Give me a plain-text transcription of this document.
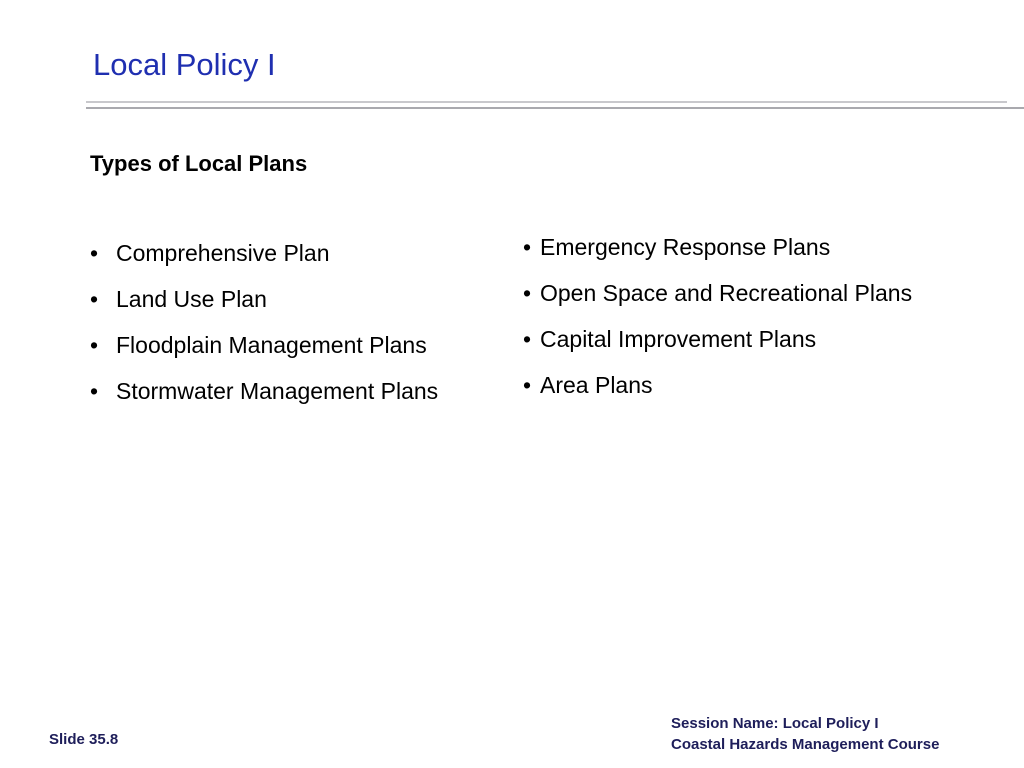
Local Policy I
Types of Local Plans
• Comprehensive Plan
• Land Use Plan
• Floodplain Management Plans
• Stormwater Management Plans
• Emergency Response Plans
• Open Space and Recreational Plans
• Capital Improvement Plans
• Area Plans
Slide 35.8
Session Name: Local Policy I
Coastal Hazards Management Course
